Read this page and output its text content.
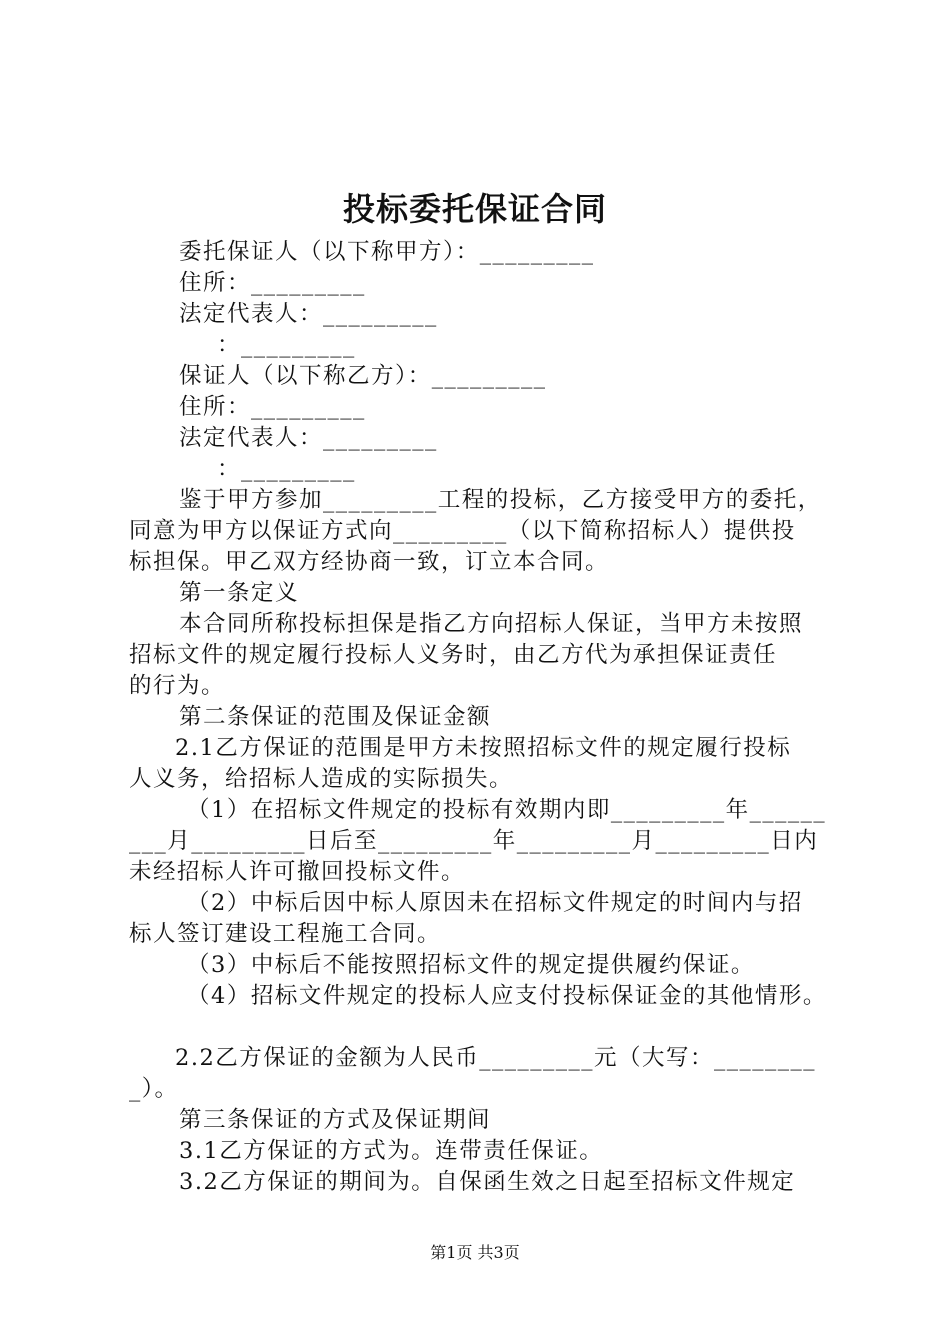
投标委托保证合同

委托保证人（以下称甲方）：_________

住所：_________

法定代表人：_________

：_________

保证人（以下称乙方）：_________

住所：_________

法定代表人：_________

：_________

鉴于甲方参加_________工程的投标，乙方接受甲方的委托，

同意为甲方以保证方式向_________（以下简称招标人）提供投

标担保。甲乙双方经协商一致，订立本合同。

第一条定义

本合同所称投标担保是指乙方向招标人保证，当甲方未按照

招标文件的规定履行投标人义务时，由乙方代为承担保证责任

的行为。

第二条保证的范围及保证金额

2.1乙方保证的范围是甲方未按照招标文件的规定履行投标

人义务，给招标人造成的实际损失。

（1）在招标文件规定的投标有效期内即_________年______

___月_________日后至_________年_________月_________日内

未经招标人许可撤回投标文件。

（2）中标后因中标人原因未在招标文件规定的时间内与招

标人签订建设工程施工合同。

（3）中标后不能按照招标文件的规定提供履约保证。

（4）招标文件规定的投标人应支付投标保证金的其他情形。

2.2乙方保证的金额为人民币_________元（大写：________

_）。

第三条保证的方式及保证期间

3.1乙方保证的方式为。连带责任保证。

3.2乙方保证的期间为。自保函生效之日起至招标文件规定

第1页 共3页
